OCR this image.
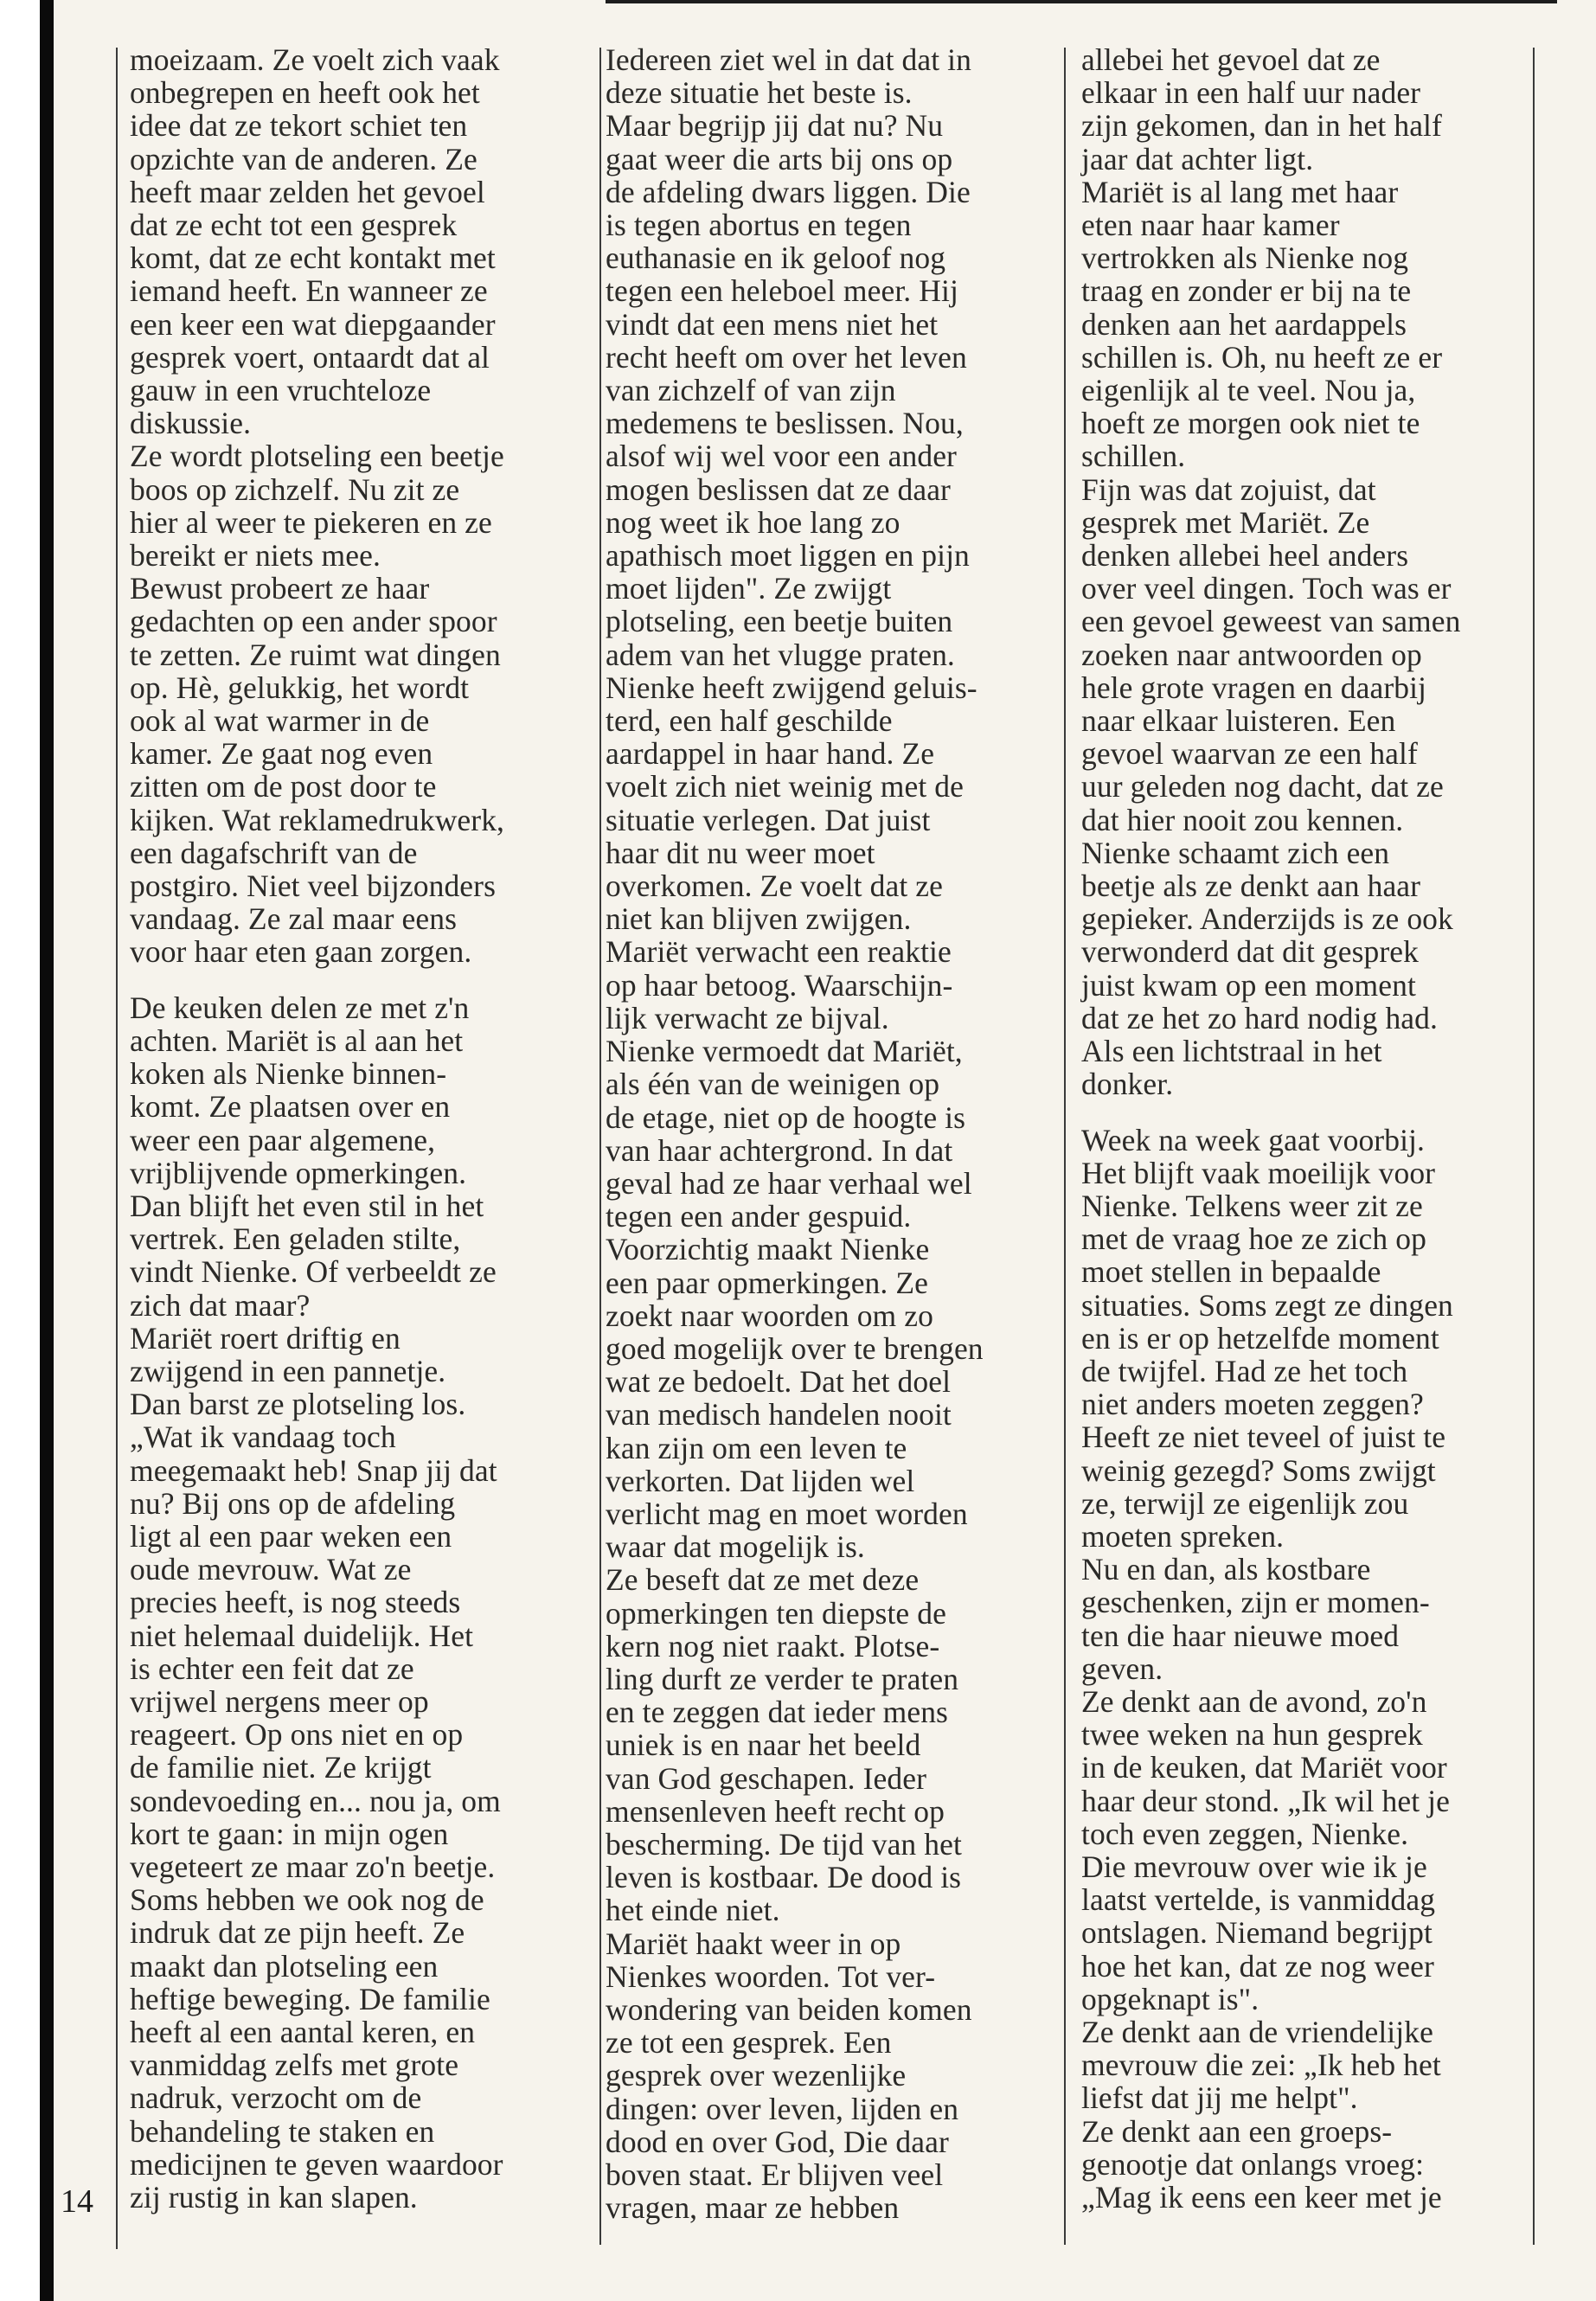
14
moeizaam. Ze voelt zich vaak
onbegrepen en heeft ook het
idee dat ze tekort schiet ten
opzichte van de anderen. Ze
heeft maar zelden het gevoel
dat ze echt tot een gesprek
komt, dat ze echt kontakt met
iemand heeft. En wanneer ze
een keer een wat diepgaander
gesprek voert, ontaardt dat al
gauw in een vruchteloze
diskussie.
Ze wordt plotseling een beetje
boos op zichzelf. Nu zit ze
hier al weer te piekeren en ze
bereikt er niets mee.
Bewust probeert ze haar
gedachten op een ander spoor
te zetten. Ze ruimt wat dingen
op. Hè, gelukkig, het wordt
ook al wat warmer in de
kamer. Ze gaat nog even
zitten om de post door te
kijken. Wat reklamedrukwerk,
een dagafschrift van de
postgiro. Niet veel bijzonders
vandaag. Ze zal maar eens
voor haar eten gaan zorgen.
De keuken delen ze met z'n
achten. Mariët is al aan het
koken als Nienke binnen-
komt. Ze plaatsen over en
weer een paar algemene,
vrijblijvende opmerkingen.
Dan blijft het even stil in het
vertrek. Een geladen stilte,
vindt Nienke. Of verbeeldt ze
zich dat maar?
Mariët roert driftig en
zwijgend in een pannetje.
Dan barst ze plotseling los.
„Wat ik vandaag toch
meegemaakt heb! Snap jij dat
nu? Bij ons op de afdeling
ligt al een paar weken een
oude mevrouw. Wat ze
precies heeft, is nog steeds
niet helemaal duidelijk. Het
is echter een feit dat ze
vrijwel nergens meer op
reageert. Op ons niet en op
de familie niet. Ze krijgt
sondevoeding en... nou ja, om
kort te gaan: in mijn ogen
vegeteert ze maar zo'n beetje.
Soms hebben we ook nog de
indruk dat ze pijn heeft. Ze
maakt dan plotseling een
heftige beweging. De familie
heeft al een aantal keren, en
vanmiddag zelfs met grote
nadruk, verzocht om de
behandeling te staken en
medicijnen te geven waardoor
zij rustig in kan slapen.
Iedereen ziet wel in dat dat in
deze situatie het beste is.
Maar begrijp jij dat nu? Nu
gaat weer die arts bij ons op
de afdeling dwars liggen. Die
is tegen abortus en tegen
euthanasie en ik geloof nog
tegen een heleboel meer. Hij
vindt dat een mens niet het
recht heeft om over het leven
van zichzelf of van zijn
medemens te beslissen. Nou,
alsof wij wel voor een ander
mogen beslissen dat ze daar
nog weet ik hoe lang zo
apathisch moet liggen en pijn
moet lijden". Ze zwijgt
plotseling, een beetje buiten
adem van het vlugge praten.
Nienke heeft zwijgend geluis-
terd, een half geschilde
aardappel in haar hand. Ze
voelt zich niet weinig met de
situatie verlegen. Dat juist
haar dit nu weer moet
overkomen. Ze voelt dat ze
niet kan blijven zwijgen.
Mariët verwacht een reaktie
op haar betoog. Waarschijn-
lijk verwacht ze bijval.
Nienke vermoedt dat Mariët,
als één van de weinigen op
de etage, niet op de hoogte is
van haar achtergrond. In dat
geval had ze haar verhaal wel
tegen een ander gespuid.
Voorzichtig maakt Nienke
een paar opmerkingen. Ze
zoekt naar woorden om zo
goed mogelijk over te brengen
wat ze bedoelt. Dat het doel
van medisch handelen nooit
kan zijn om een leven te
verkorten. Dat lijden wel
verlicht mag en moet worden
waar dat mogelijk is.
Ze beseft dat ze met deze
opmerkingen ten diepste de
kern nog niet raakt. Plotse-
ling durft ze verder te praten
en te zeggen dat ieder mens
uniek is en naar het beeld
van God geschapen. Ieder
mensenleven heeft recht op
bescherming. De tijd van het
leven is kostbaar. De dood is
het einde niet.
Mariët haakt weer in op
Nienkes woorden. Tot ver-
wondering van beiden komen
ze tot een gesprek. Een
gesprek over wezenlijke
dingen: over leven, lijden en
dood en over God, Die daar
boven staat. Er blijven veel
vragen, maar ze hebben
allebei het gevoel dat ze
elkaar in een half uur nader
zijn gekomen, dan in het half
jaar dat achter ligt.
Mariët is al lang met haar
eten naar haar kamer
vertrokken als Nienke nog
traag en zonder er bij na te
denken aan het aardappels
schillen is. Oh, nu heeft ze er
eigenlijk al te veel. Nou ja,
hoeft ze morgen ook niet te
schillen.
Fijn was dat zojuist, dat
gesprek met Mariët. Ze
denken allebei heel anders
over veel dingen. Toch was er
een gevoel geweest van samen
zoeken naar antwoorden op
hele grote vragen en daarbij
naar elkaar luisteren. Een
gevoel waarvan ze een half
uur geleden nog dacht, dat ze
dat hier nooit zou kennen.
Nienke schaamt zich een
beetje als ze denkt aan haar
gepieker. Anderzijds is ze ook
verwonderd dat dit gesprek
juist kwam op een moment
dat ze het zo hard nodig had.
Als een lichtstraal in het
donker.
Week na week gaat voorbij.
Het blijft vaak moeilijk voor
Nienke. Telkens weer zit ze
met de vraag hoe ze zich op
moet stellen in bepaalde
situaties. Soms zegt ze dingen
en is er op hetzelfde moment
de twijfel. Had ze het toch
niet anders moeten zeggen?
Heeft ze niet teveel of juist te
weinig gezegd? Soms zwijgt
ze, terwijl ze eigenlijk zou
moeten spreken.
Nu en dan, als kostbare
geschenken, zijn er momen-
ten die haar nieuwe moed
geven.
Ze denkt aan de avond, zo'n
twee weken na hun gesprek
in de keuken, dat Mariët voor
haar deur stond. „Ik wil het je
toch even zeggen, Nienke.
Die mevrouw over wie ik je
laatst vertelde, is vanmiddag
ontslagen. Niemand begrijpt
hoe het kan, dat ze nog weer
opgeknapt is".
Ze denkt aan de vriendelijke
mevrouw die zei: „Ik heb het
liefst dat jij me helpt".
Ze denkt aan een groeps-
genootje dat onlangs vroeg:
„Mag ik eens een keer met je
